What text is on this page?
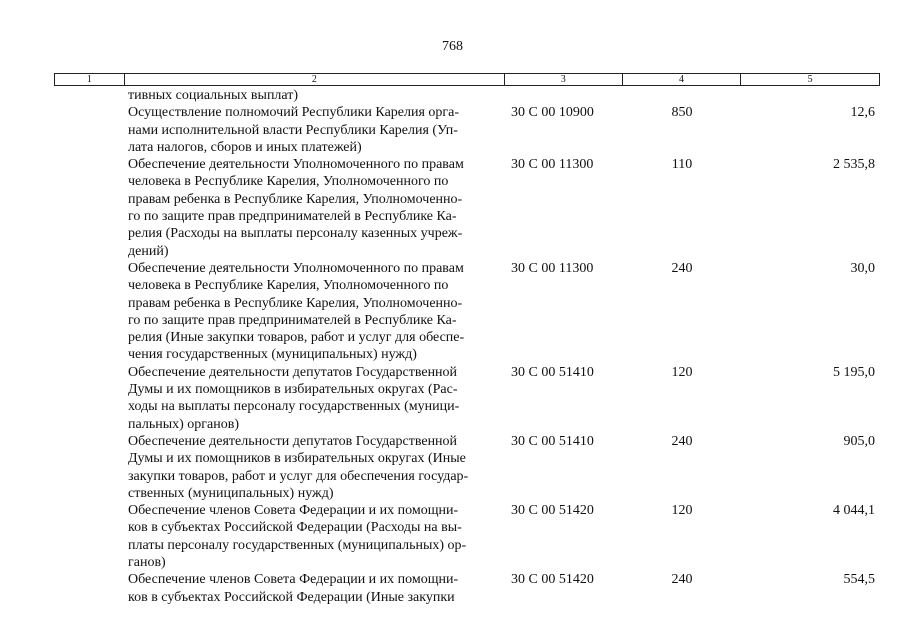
768
1	2	3	4	5
тивных социальных выплат)
Осуществление полномочий Республики Карелия орга-
нами исполнительной власти Республики Карелия (Уп-
лата налогов, сборов и иных платежей)
30 С 00 10900	850	12,6
Обеспечение деятельности Уполномоченного по правам
человека в Республике Карелия, Уполномоченного по
правам ребенка в Республике Карелия, Уполномоченно-
го по защите прав предпринимателей в Республике Ка-
релия (Расходы на выплаты персоналу казенных учреж-
дений)
30 С 00 11300	110	2 535,8
Обеспечение деятельности Уполномоченного по правам
человека в Республике Карелия, Уполномоченного по
правам ребенка в Республике Карелия, Уполномоченно-
го по защите прав предпринимателей в Республике Ка-
релия (Иные закупки товаров, работ и услуг для обеспе-
чения государственных (муниципальных) нужд)
30 С 00 11300	240	30,0
Обеспечение деятельности депутатов Государственной
Думы и их помощников в избирательных округах (Рас-
ходы на выплаты персоналу государственных (муници-
пальных) органов)
30 С 00 51410	120	5 195,0
Обеспечение деятельности депутатов Государственной
Думы и их помощников в избирательных округах (Иные
закупки товаров, работ и услуг для обеспечения государ-
ственных (муниципальных) нужд)
30 С 00 51410	240	905,0
Обеспечение членов Совета Федерации и их помощни-
ков в субъектах Российской Федерации (Расходы на вы-
платы персоналу государственных (муниципальных) ор-
ганов)
30 С 00 51420	120	4 044,1
Обеспечение членов Совета Федерации и их помощни-
ков в субъектах Российской Федерации (Иные закупки
30 С 00 51420	240	554,5
